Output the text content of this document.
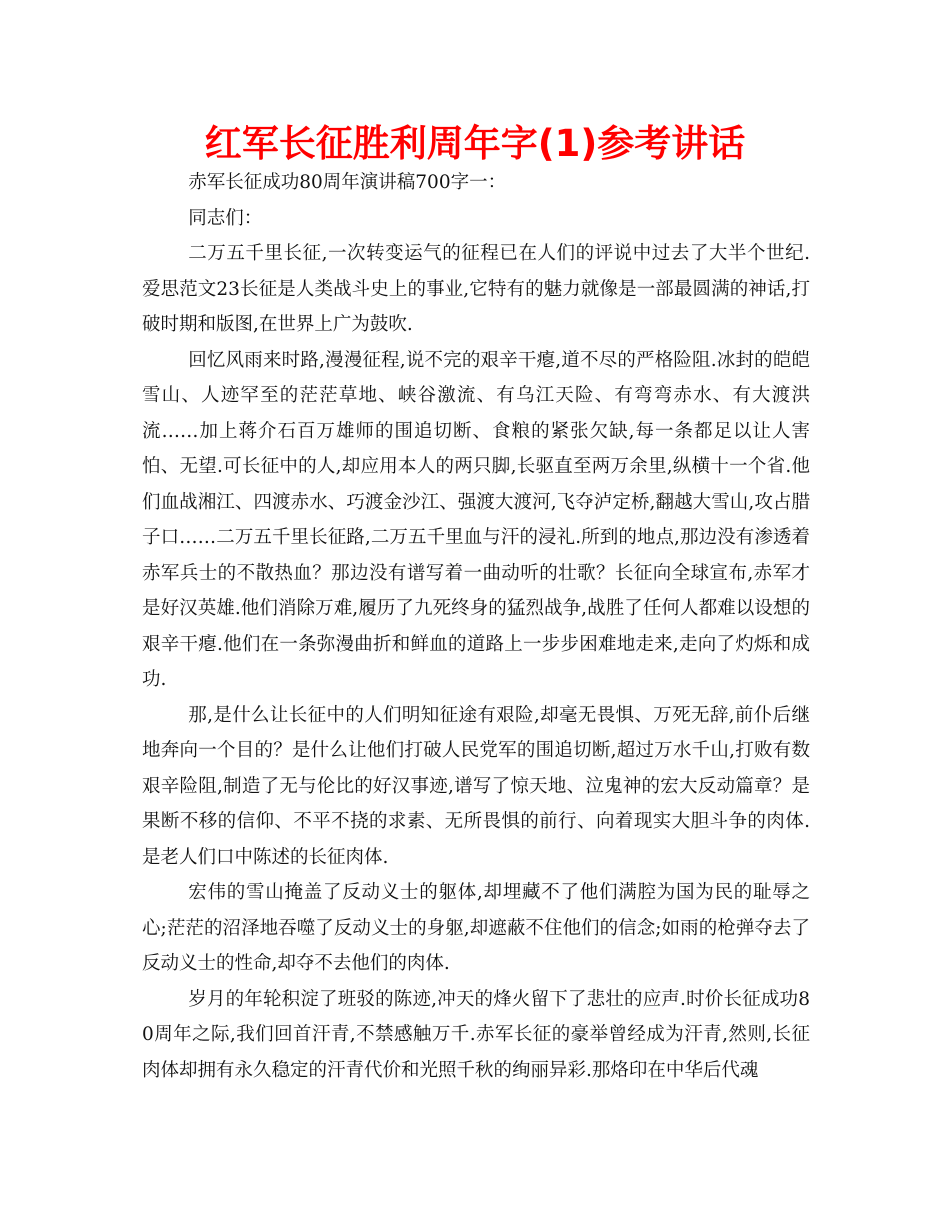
红军长征胜利周年字(1)参考讲话

赤军长征成功80周年演讲稿700字一：

同志们：

二万五千里长征,一次转变运气的征程已在人们的评说中过去了大半个世纪.爱思范文23长征是人类战斗史上的事业,它特有的魅力就像是一部最圆满的神话,打破时期和版图,在世界上广为鼓吹.

回忆风雨来时路,漫漫征程,说不完的艰辛干瘪,道不尽的严格险阻.冰封的皑皑雪山、人迹罕至的茫茫草地、峡谷激流、有乌江天险、有弯弯赤水、有大渡洪流……加上蒋介石百万雄师的围追切断、食粮的紧张欠缺,每一条都足以让人害怕、无望.可长征中的人,却应用本人的两只脚,长驱直至两万余里,纵横十一个省.他们血战湘江、四渡赤水、巧渡金沙江、强渡大渡河,飞夺泸定桥,翻越大雪山,攻占腊子口……二万五千里长征路,二万五千里血与汗的浸礼.所到的地点,那边没有渗透着赤军兵士的不散热血？那边没有谱写着一曲动听的壮歌？长征向全球宣布,赤军才是好汉英雄.他们消除万难,履历了九死终身的猛烈战争,战胜了任何人都难以设想的艰辛干瘪.他们在一条弥漫曲折和鲜血的道路上一步步困难地走来,走向了灼烁和成功.

那,是什么让长征中的人们明知征途有艰险,却毫无畏惧、万死无辞,前仆后继地奔向一个目的？是什么让他们打破人民党军的围追切断,超过万水千山,打败有数艰辛险阻,制造了无与伦比的好汉事迹,谱写了惊天地、泣鬼神的宏大反动篇章？是果断不移的信仰、不平不挠的求素、无所畏惧的前行、向着现实大胆斗争的肉体.是老人们口中陈述的长征肉体.

宏伟的雪山掩盖了反动义士的躯体,却埋藏不了他们满腔为国为民的耻辱之心;茫茫的沼泽地吞噬了反动义士的身躯,却遮蔽不住他们的信念;如雨的枪弹夺去了反动义士的性命,却夺不去他们的肉体.

岁月的年轮积淀了班驳的陈迹,冲天的烽火留下了悲壮的应声.时价长征成功80周年之际,我们回首汗青,不禁感触万千.赤军长征的豪举曾经成为汗青,然则,长征肉体却拥有永久稳定的汗青代价和光照千秋的绚丽异彩.那烙印在中华后代魂
